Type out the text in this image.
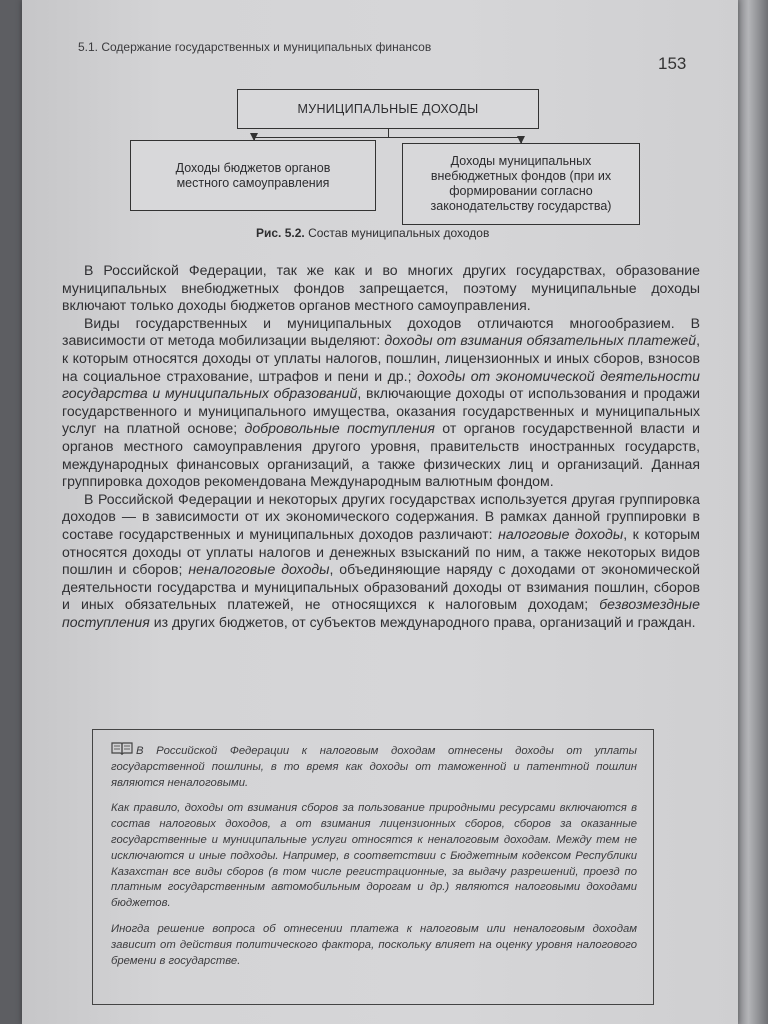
5.1. Содержание государственных и муниципальных финансов
153
МУНИЦИПАЛЬНЫЕ ДОХОДЫ
Доходы бюджетов органов местного самоуправления
Доходы муниципальных внебюджетных фондов (при их формировании согласно законодательству государства)
Рис. 5.2. Состав муниципальных доходов

В Российской Федерации, так же как и во многих других государствах, образование муниципальных внебюджетных фондов запрещается, поэтому муниципальные доходы включают только доходы бюджетов органов местного самоуправления.

Виды государственных и муниципальных доходов отличаются многообразием. В зависимости от метода мобилизации выделяют: доходы от взимания обязательных платежей, к которым относятся доходы от уплаты налогов, пошлин, лицензионных и иных сборов, взносов на социальное страхование, штрафов и пени и др.; доходы от экономической деятельности государства и муниципальных образований, включающие доходы от использования и продажи государственного и муниципального имущества, оказания государственных и муниципальных услуг на платной основе; добровольные поступления от органов государственной власти и органов местного самоуправления другого уровня, правительств иностранных государств, международных финансовых организаций, а также физических лиц и организаций. Данная группировка доходов рекомендована Международным валютным фондом.

В Российской Федерации и некоторых других государствах используется другая группировка доходов — в зависимости от их экономического содержания. В рамках данной группировки в составе государственных и муниципальных доходов различают: налоговые доходы, к которым относятся доходы от уплаты налогов и денежных взысканий по ним, а также некоторых видов пошлин и сборов; неналоговые доходы, объединяющие наряду с доходами от экономической деятельности государства и муниципальных образований доходы от взимания пошлин, сборов и иных обязательных платежей, не относящихся к налоговым доходам; безвозмездные поступления из других бюджетов, от субъектов международного права, организаций и граждан.

В Российской Федерации к налоговым доходам отнесены доходы от уплаты государственной пошлины, в то время как доходы от таможенной и патентной пошлин являются неналоговыми.

Как правило, доходы от взимания сборов за пользование природными ресурсами включаются в состав налоговых доходов, а от взимания лицензионных сборов, сборов за оказанные государственные и муниципальные услуги относятся к неналоговым доходам. Между тем не исключаются и иные подходы. Например, в соответствии с Бюджетным кодексом Республики Казахстан все виды сборов (в том числе регистрационные, за выдачу разрешений, проезд по платным государственным автомобильным дорогам и др.) являются налоговыми доходами бюджетов.

Иногда решение вопроса об отнесении платежа к налоговым или неналоговым доходам зависит от действия политического фактора, поскольку влияет на оценку уровня налогового бремени в государстве.
